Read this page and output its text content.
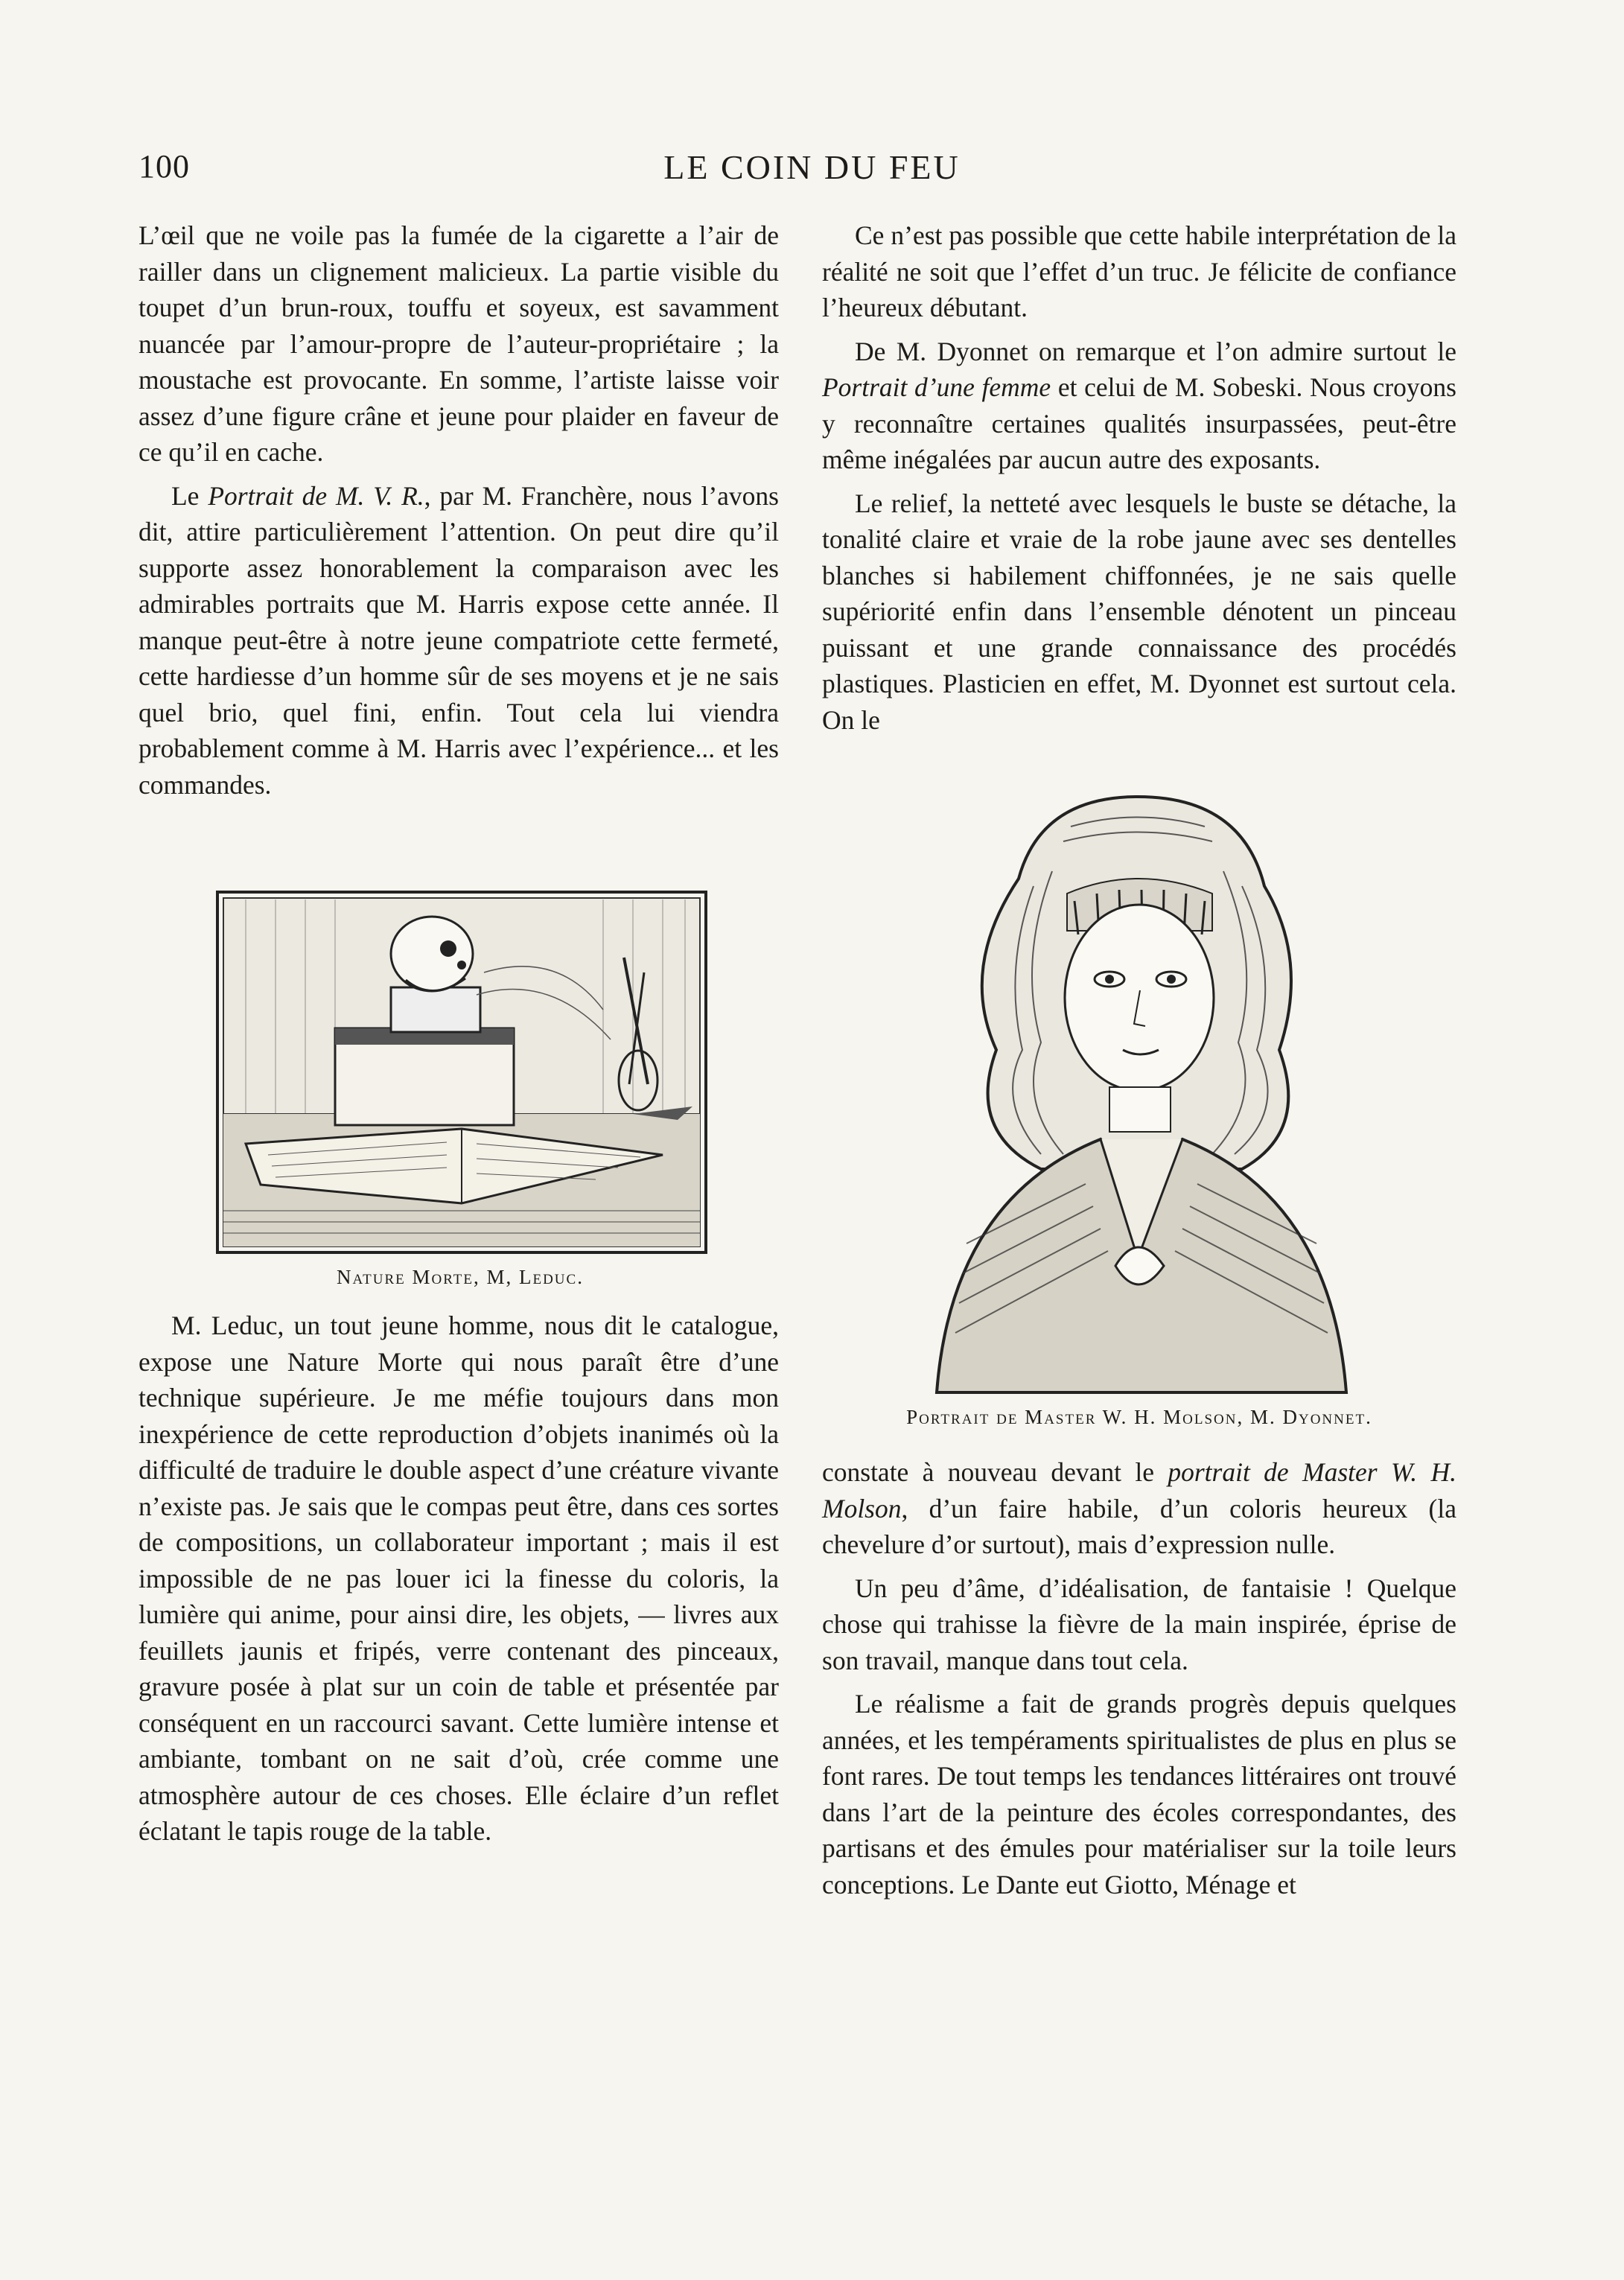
100	LE COIN DU FEU

L’œil que ne voile pas la fumée de la cigarette a l’air de railler dans un clignement malicieux. La partie visible du toupet d’un brun-roux, touffu et soyeux, est savamment nuancée par l’amour-propre de l’auteur-propriétaire ; la moustache est provocante. En somme, l’artiste laisse voir assez d’une figure crâne et jeune pour plaider en faveur de ce qu’il en cache.

Le Portrait de M. V. R., par M. Franchère, nous l’avons dit, attire particulièrement l’attention. On peut dire qu’il supporte assez honorablement la comparaison avec les admirables portraits que M. Harris expose cette année. Il manque peut-être à notre jeune compatriote cette fermeté, cette hardiesse d’un homme sûr de ses moyens et je ne sais quel brio, quel fini, enfin. Tout cela lui viendra probablement comme à M. Harris avec l’expérience... et les commandes.

Nature Morte, M, Leduc.

M. Leduc, un tout jeune homme, nous dit le catalogue, expose une Nature Morte qui nous paraît être d’une technique supérieure. Je me méfie toujours dans mon inexpérience de cette reproduction d’objets inanimés où la difficulté de traduire le double aspect d’une créature vivante n’existe pas. Je sais que le compas peut être, dans ces sortes de compositions, un collaborateur important ; mais il est impossible de ne pas louer ici la finesse du coloris, la lumière qui anime, pour ainsi dire, les objets, — livres aux feuillets jaunis et fripés, verre contenant des pinceaux, gravure posée à plat sur un coin de table et présentée par conséquent en un raccourci savant. Cette lumière intense et ambiante, tombant on ne sait d’où, crée comme une atmosphère autour de ces choses. Elle éclaire d’un reflet éclatant le tapis rouge de la table.

Ce n’est pas possible que cette habile interprétation de la réalité ne soit que l’effet d’un truc. Je félicite de confiance l’heureux débutant.

De M. Dyonnet on remarque et l’on admire surtout le Portrait d’une femme et celui de M. Sobeski. Nous croyons y reconnaître certaines qualités insurpassées, peut-être même inégalées par aucun autre des exposants.

Le relief, la netteté avec lesquels le buste se détache, la tonalité claire et vraie de la robe jaune avec ses dentelles blanches si habilement chiffonnées, je ne sais quelle supériorité enfin dans l’ensemble dénotent un pinceau puissant et une grande connaissance des procédés plastiques. Plasticien en effet, M. Dyonnet est surtout cela. On le

Portrait de Master W. H. Molson, M. Dyonnet.

constate à nouveau devant le portrait de Master W. H. Molson, d’un faire habile, d’un coloris heureux (la chevelure d’or surtout), mais d’expression nulle.

Un peu d’âme, d’idéalisation, de fantaisie ! Quelque chose qui trahisse la fièvre de la main inspirée, éprise de son travail, manque dans tout cela.

Le réalisme a fait de grands progrès depuis quelques années, et les tempéraments spiritualistes de plus en plus se font rares. De tout temps les tendances littéraires ont trouvé dans l’art de la peinture des écoles correspondantes, des partisans et des émules pour matérialiser sur la toile leurs conceptions. Le Dante eut Giotto, Ménage et
